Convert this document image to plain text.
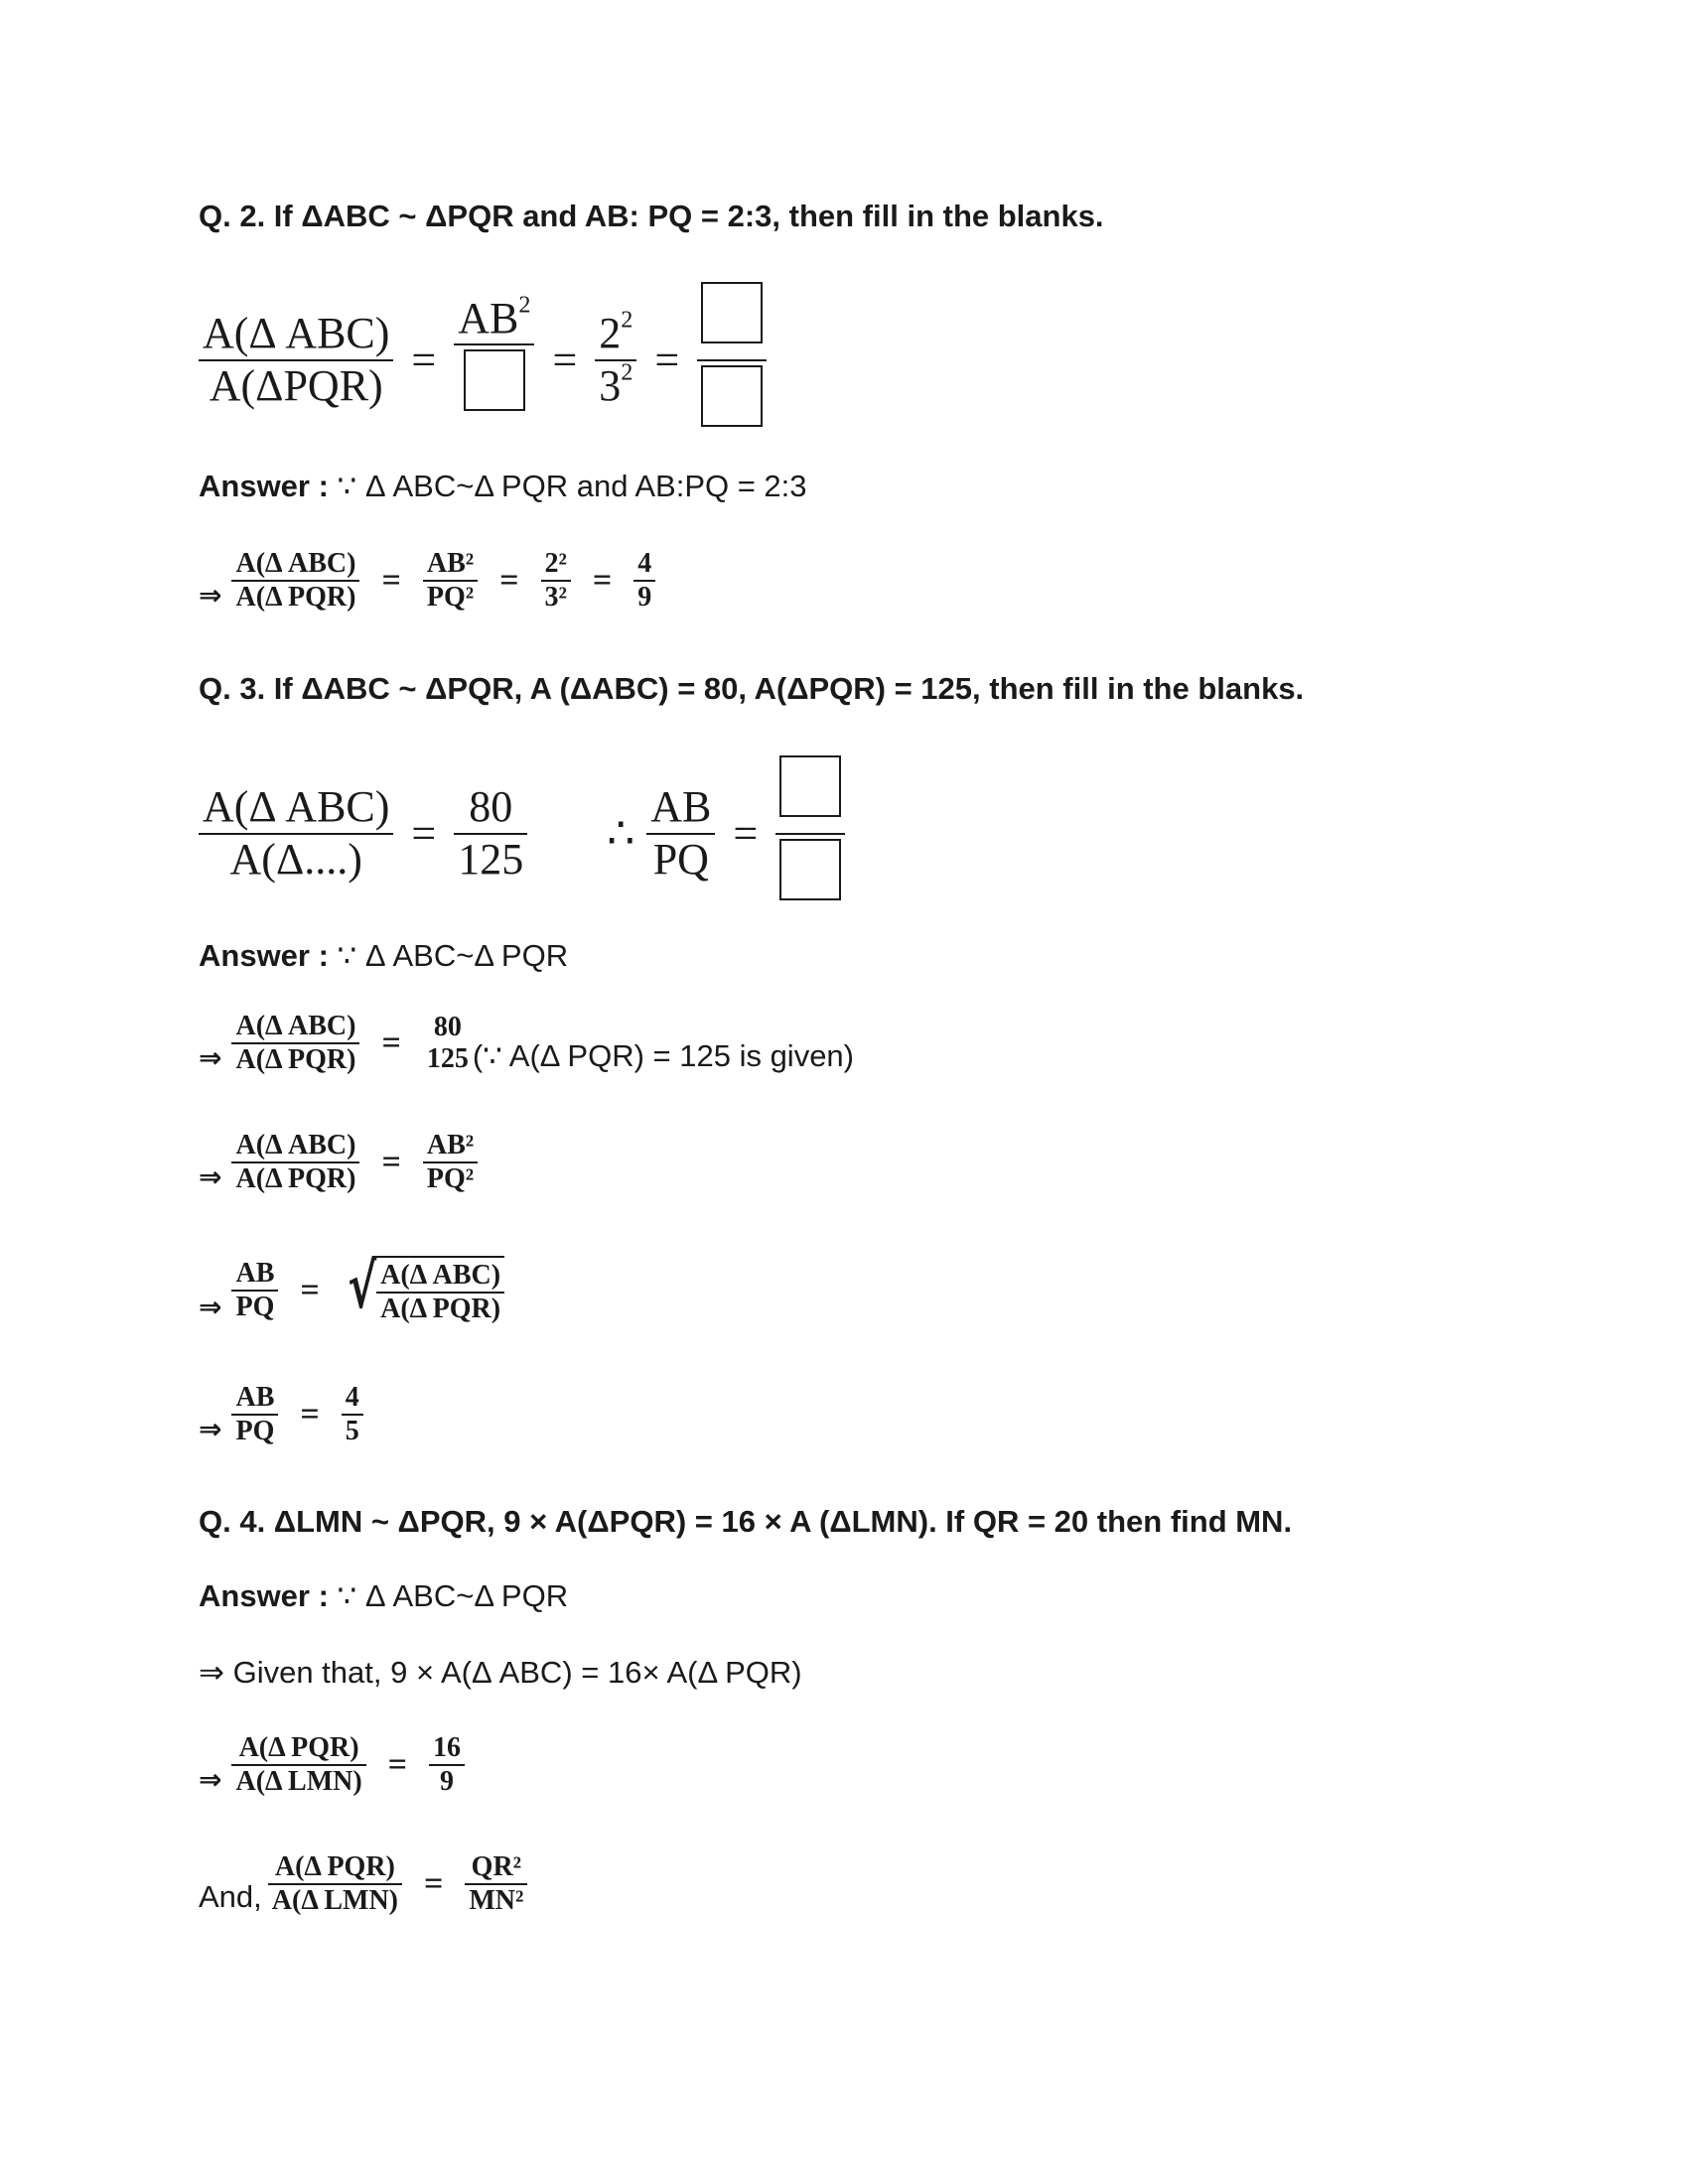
Q. 2. If ΔABC ~ ΔPQR and AB: PQ = 2:3, then fill in the blanks.
$\frac{\text{A(Δ ABC)}}{\text{A(ΔPQR)}}$ =
$AB^2$
= $\frac{2^2}{3^2}$ =
Answer : ∵ Δ ABC~Δ PQR and AB:PQ = 2:3
⇒ $\frac{\text{A(Δ ABC)}}{\text{A(Δ PQR)}} = \frac{\text{AB²}}{\text{PQ²}} = \frac{\text{2²}}{\text{3²}} = \frac{4}{9}$
Q. 3. If ΔABC ~ ΔPQR, A (ΔABC) = 80, A(ΔPQR) = 125, then fill in the blanks.
$\frac{\text{A(Δ ABC)}}{A(\Delta....)} = \frac{80}{125}$ ∴ $\frac{AB}{PQ}$ =
Answer : ∵ Δ ABC~Δ PQR
⇒ $\frac{\text{A(Δ ABC)}}{\text{A(Δ PQR)}}$ =	80
125 (∵ A(Δ PQR) = 125 is given)
⇒ $\frac{\text{A(Δ ABC)}}{\text{A(Δ PQR)}} = \frac{\text{AB²}}{\text{PQ²}}$
⇒ $\frac{AB}{PQ}$ = √ $\frac{\text{A(Δ ABC)}}{\text{A(Δ PQR)}}$
⇒ $\frac{AB}{PQ} = \frac{4}{5}$
Q. 4. ΔLMN ~ ΔPQR, 9 × A(ΔPQR) = 16 × A (ΔLMN). If QR = 20 then find MN.
Answer : ∵ Δ ABC~Δ PQR
⇒ Given that, 9 × A(Δ ABC) = 16× A(Δ PQR)
⇒ $\frac{\text{A(Δ PQR)}}{\text{A(Δ LMN)}} = \frac{16}{9}$
And, $\frac{\text{A(Δ PQR)}}{\text{A(Δ LMN)}} = \frac{\text{QR²}}{\text{MN²}}$
